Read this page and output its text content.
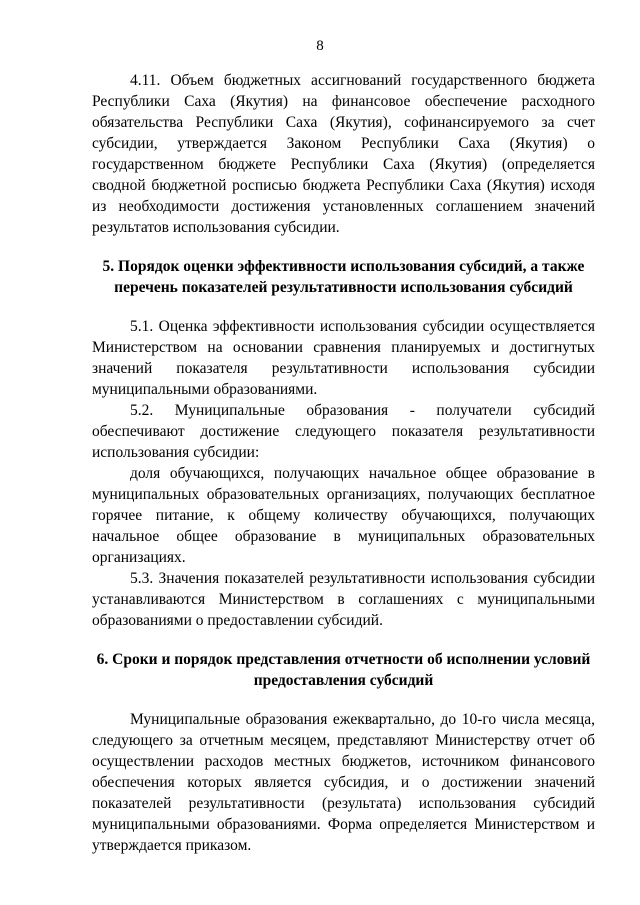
8

4.11. Объем бюджетных ассигнований государственного бюджета Республики Саха (Якутия) на финансовое обеспечение расходного обязательства Республики Саха (Якутия), софинансируемого за счет субсидии, утверждается Законом Республики Саха (Якутия) о государственном бюджете Республики Саха (Якутия) (определяется сводной бюджетной росписью бюджета Республики Саха (Якутия) исходя из необходимости достижения установленных соглашением значений результатов использования субсидии.

5. Порядок оценки эффективности использования субсидий, а также перечень показателей результативности использования субсидий

5.1. Оценка эффективности использования субсидии осуществляется Министерством на основании сравнения планируемых и достигнутых значений показателя результативности использования субсидии муниципальными образованиями.

5.2. Муниципальные образования - получатели субсидий обеспечивают достижение следующего показателя результативности использования субсидии:

доля обучающихся, получающих начальное общее образование в муниципальных образовательных организациях, получающих бесплатное горячее питание, к общему количеству обучающихся, получающих начальное общее образование в муниципальных образовательных организациях.

5.3. Значения показателей результативности использования субсидии устанавливаются Министерством в соглашениях с муниципальными образованиями о предоставлении субсидий.

6. Сроки и порядок представления отчетности об исполнении условий предоставления субсидий

Муниципальные образования ежеквартально, до 10-го числа месяца, следующего за отчетным месяцем, представляют Министерству отчет об осуществлении расходов местных бюджетов, источником финансового обеспечения которых является субсидия, и о достижении значений показателей результативности (результата) использования субсидий муниципальными образованиями. Форма определяется Министерством и утверждается приказом.
